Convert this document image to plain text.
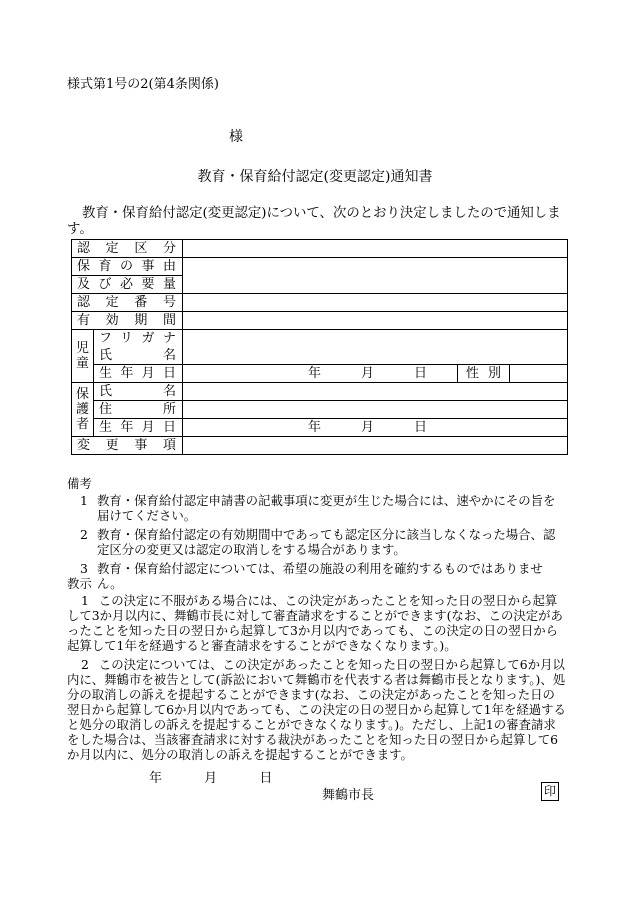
様式第1号の2(第4条関係)
様
教育・保育給付認定(変更認定)通知書
教育・保育給付認定(変更認定)について、次のとおり決定しましたので通知します。
認定区分				
保育の事由				
及び必要量				
認定番号				
有効期間				

児童	フリガナ			
	氏名			
	生年月日	年 月 日	性別	

保護者	氏名			
	住所			
	生年月日	年 月 日		

変更事項				
備考
1 教育・保育給付認定申請書の記載事項に変更が生じた場合には、速やかにその旨を届けてください。
2 教育・保育給付認定の有効期間中であっても認定区分に該当しなくなった場合、認定区分の変更又は認定の取消しをする場合があります。
3 教育・保育給付認定については、希望の施設の利用を確約するものではありません。
教示
1 この決定に不服がある場合には、この決定があったことを知った日の翌日から起算して3か月以内に、舞鶴市長に対して審査請求をすることができます(なお、この決定があったことを知った日の翌日から起算して3か月以内であっても、この決定の日の翌日から起算して1年を経過すると審査請求をすることができなくなります。)。
2 この決定については、この決定があったことを知った日の翌日から起算して6か月以内に、舞鶴市を被告として(訴訟において舞鶴市を代表する者は舞鶴市長となります。)、処分の取消しの訴えを提起することができます(なお、この決定があったことを知った日の翌日から起算して6か月以内であっても、この決定の日の翌日から起算して1年を経過すると処分の取消しの訴えを提起することができなくなります。)。ただし、上記1の審査請求をした場合は、当該審査請求に対する裁決があったことを知った日の翌日から起算して6か月以内に、処分の取消しの訴えを提起することができます。
年	月	日
舞鶴市長	印
